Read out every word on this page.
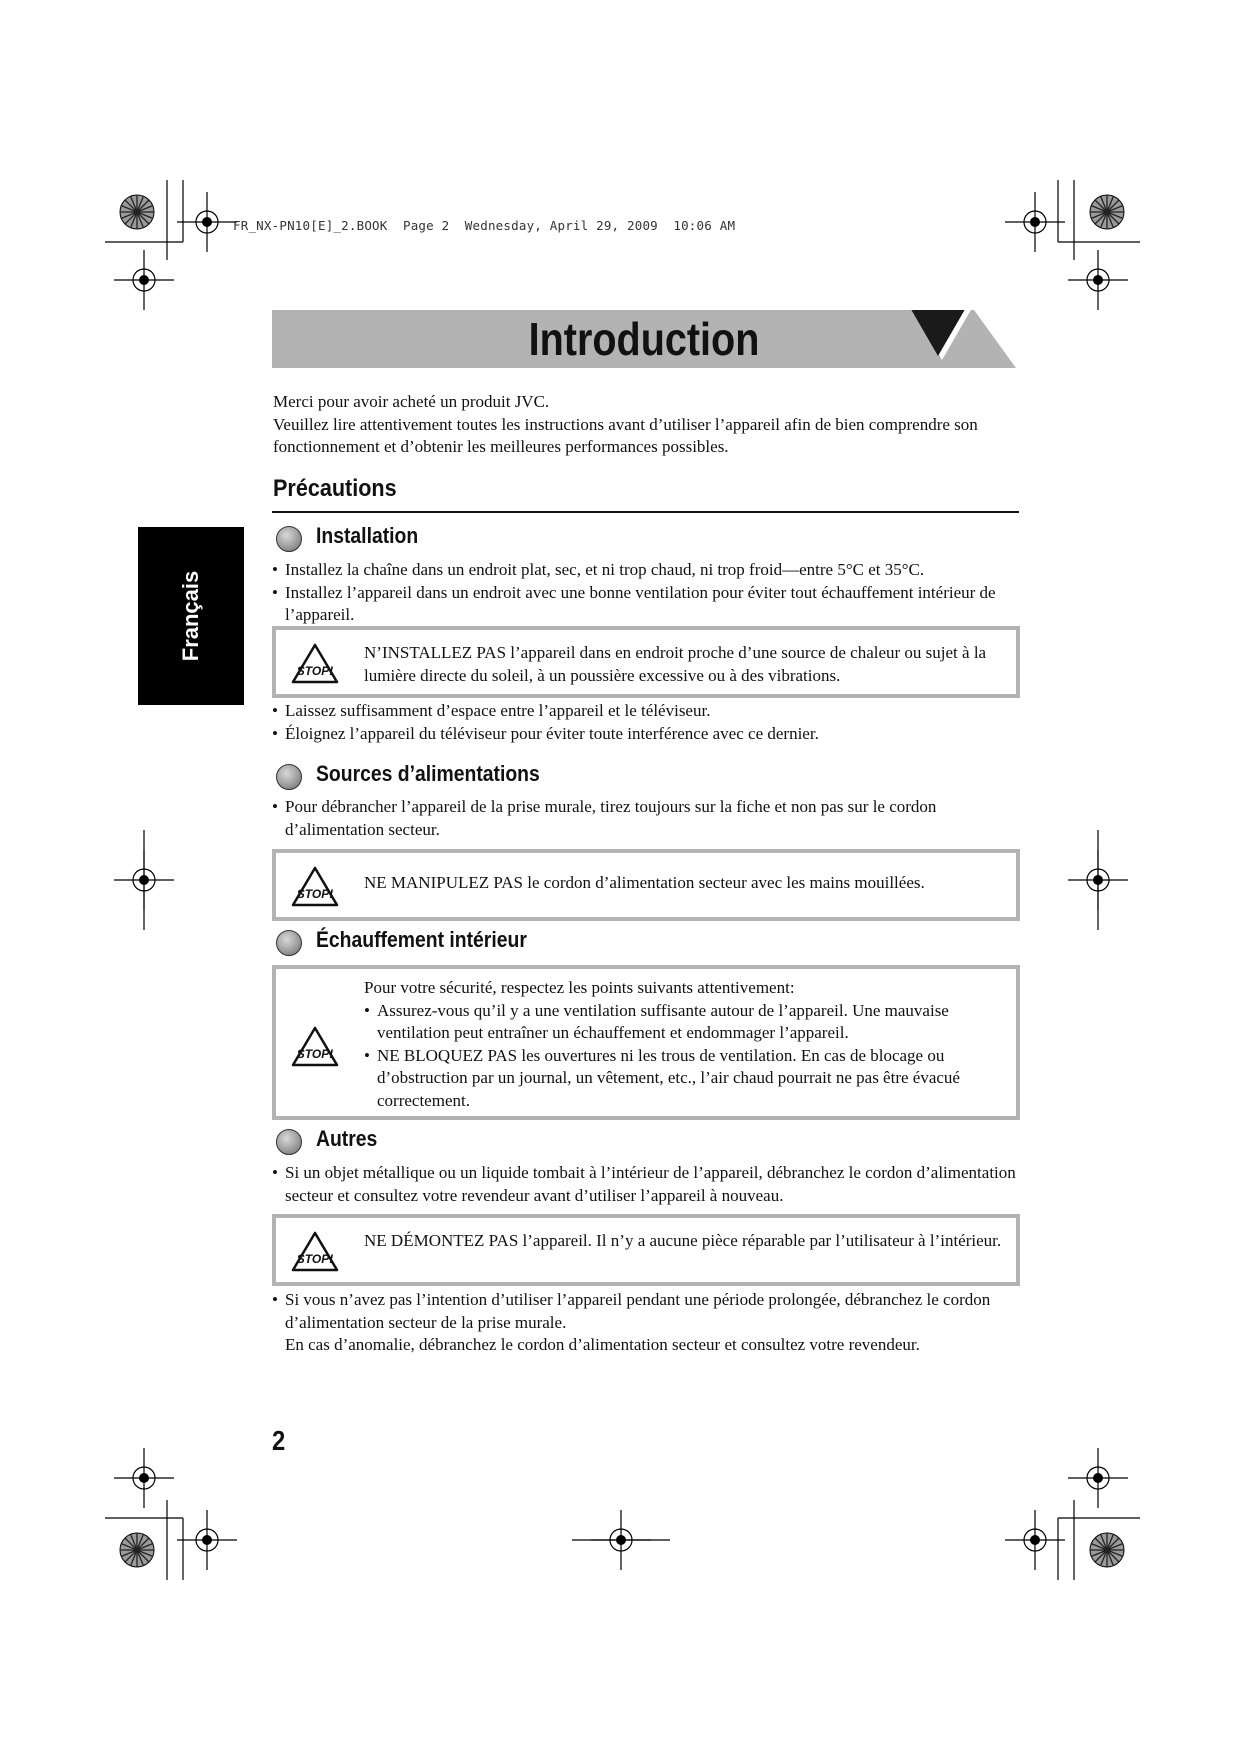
FR_NX-PN10[E]_2.BOOK  Page 2  Wednesday, April 29, 2009  10:06 AM
Introduction
Français
Merci pour avoir acheté un produit JVC.
Veuillez lire attentivement toutes les instructions avant d’utiliser l’appareil afin de bien comprendre son fonctionnement et d’obtenir les meilleures performances possibles.
Précautions
Installation
• Installez la chaîne dans un endroit plat, sec, et ni trop chaud, ni trop froid—entre 5°C et 35°C.
• Installez l’appareil dans un endroit avec une bonne ventilation pour éviter tout échauffement intérieur de l’appareil.
STOP!
N’INSTALLEZ PAS l’appareil dans en endroit proche d’une source de chaleur ou sujet à la lumière directe du soleil, à un poussière excessive ou à des vibrations.
• Laissez suffisamment d’espace entre l’appareil et le téléviseur.
• Éloignez l’appareil du téléviseur pour éviter toute interférence avec ce dernier.
Sources d’alimentations
• Pour débrancher l’appareil de la prise murale, tirez toujours sur la fiche et non pas sur le cordon d’alimentation secteur.
STOP!
NE MANIPULEZ PAS le cordon d’alimentation secteur avec les mains mouillées.
Échauffement intérieur
STOP!
Pour votre sécurité, respectez les points suivants attentivement:
• Assurez-vous qu’il y a une ventilation suffisante autour de l’appareil. Une mauvaise ventilation peut entraîner un échauffement et endommager l’appareil.
• NE BLOQUEZ PAS les ouvertures ni les trous de ventilation. En cas de blocage ou d’obstruction par un journal, un vêtement, etc., l’air chaud pourrait ne pas être évacué correctement.
Autres
• Si un objet métallique ou un liquide tombait à l’intérieur de l’appareil, débranchez le cordon d’alimentation secteur et consultez votre revendeur avant d’utiliser l’appareil à nouveau.
STOP!
NE DÉMONTEZ PAS l’appareil. Il n’y a aucune pièce réparable par l’utilisateur à l’intérieur.
• Si vous n’avez pas l’intention d’utiliser l’appareil pendant une période prolongée, débranchez le cordon d’alimentation secteur de la prise murale.
En cas d’anomalie, débranchez le cordon d’alimentation secteur et consultez votre revendeur.
2
